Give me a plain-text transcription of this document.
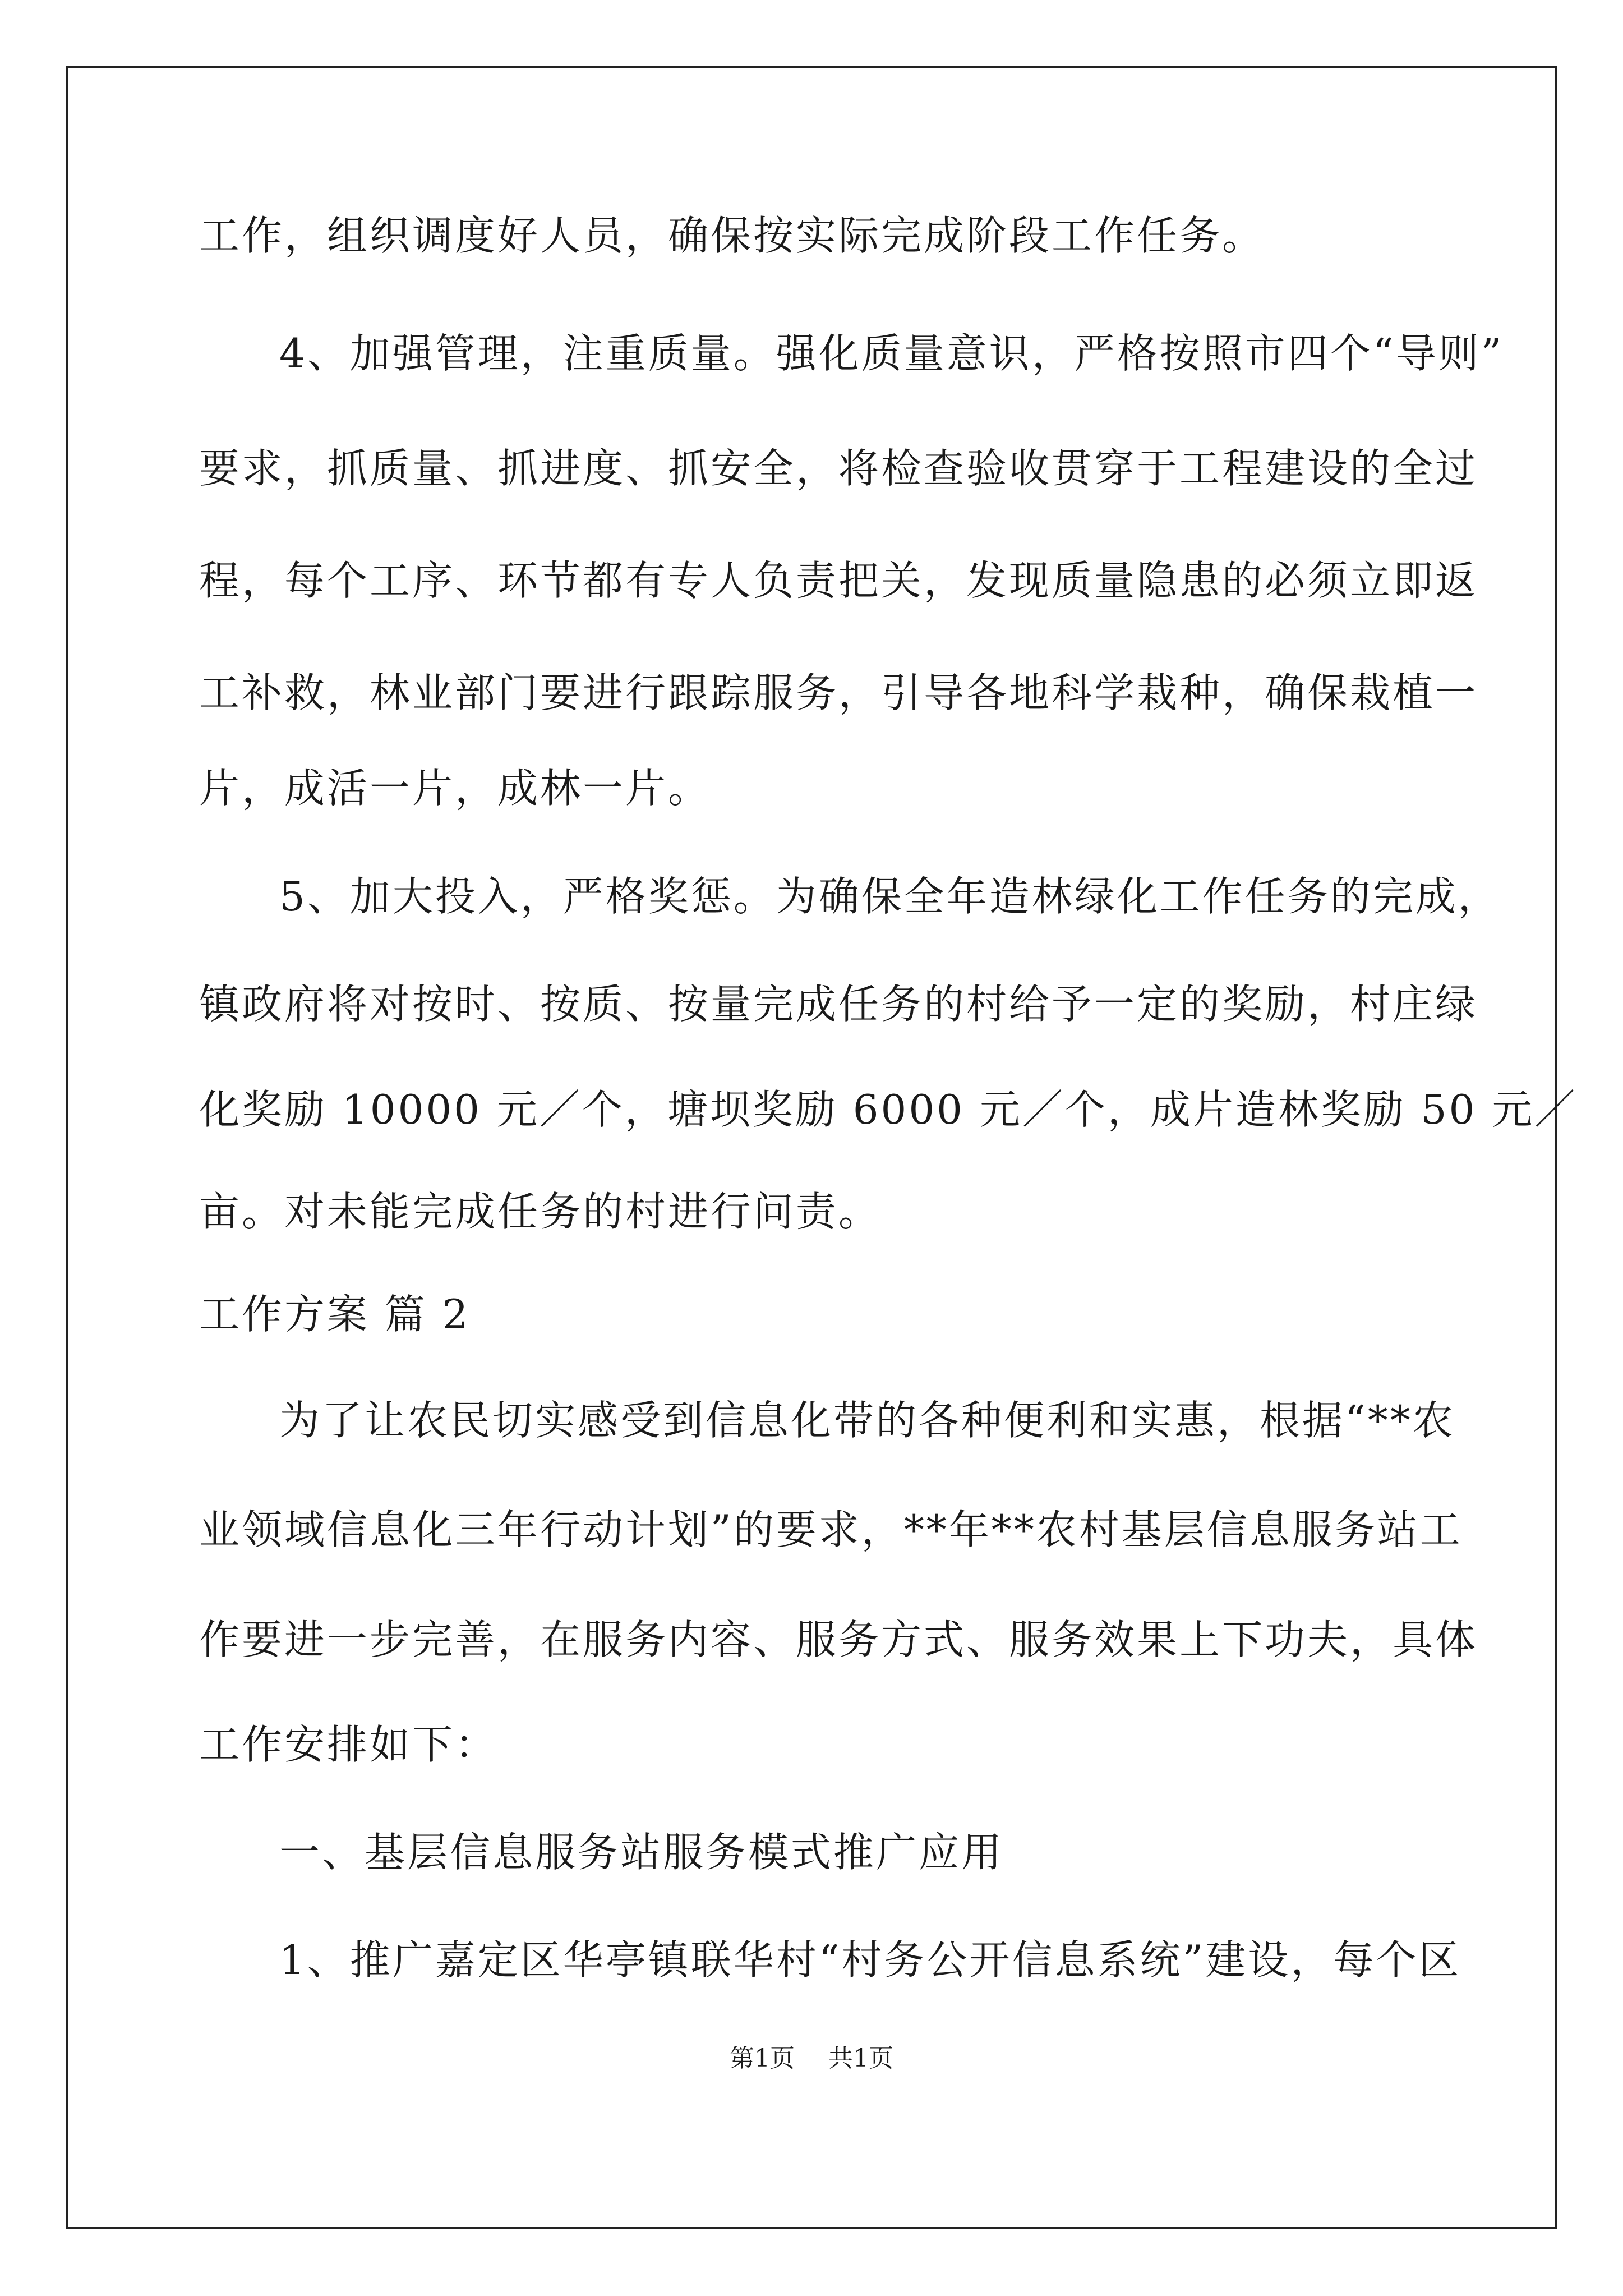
工作，组织调度好人员，确保按实际完成阶段工作任务。
4、加强管理，注重质量。强化质量意识，严格按照市四个“导则”
要求，抓质量、抓进度、抓安全，将检查验收贯穿于工程建设的全过
程，每个工序、环节都有专人负责把关，发现质量隐患的必须立即返
工补救，林业部门要进行跟踪服务，引导各地科学栽种，确保栽植一
片，成活一片，成林一片。
5、加大投入，严格奖惩。为确保全年造林绿化工作任务的完成，
镇政府将对按时、按质、按量完成任务的村给予一定的奖励，村庄绿
化奖励 10000 元／个，塘坝奖励 6000 元／个，成片造林奖励 50 元／
亩。对未能完成任务的村进行问责。
工作方案 篇 2
为了让农民切实感受到信息化带的各种便利和实惠，根据“**农
业领域信息化三年行动计划”的要求，**年**农村基层信息服务站工
作要进一步完善，在服务内容、服务方式、服务效果上下功夫，具体
工作安排如下：
一、基层信息服务站服务模式推广应用
1、推广嘉定区华亭镇联华村“村务公开信息系统”建设，每个区
第1页 共1页
